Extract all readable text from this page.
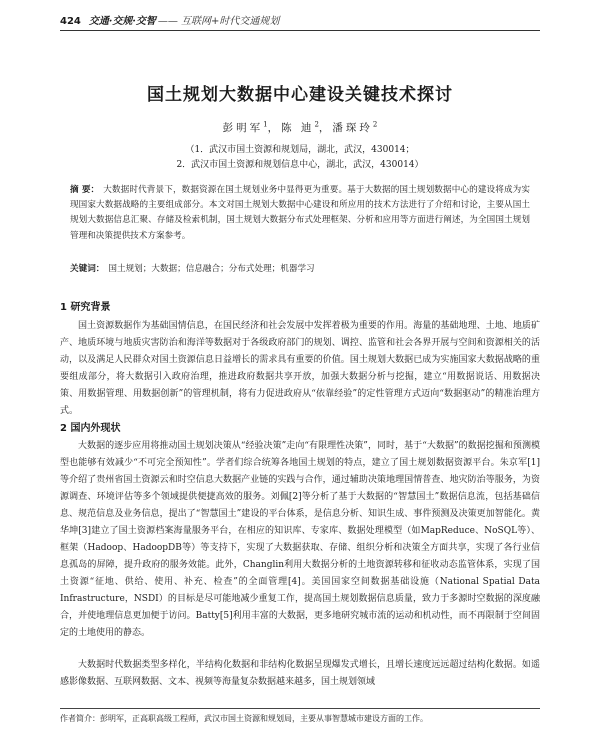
424 交通·交规·交智 —— 互联网+时代交通规划
国土规划大数据中心建设关键技术探讨
彭明军$^1$，陈 迪$^2$，潘琛玲$^2$
（1．武汉市国土资源和规划局，湖北，武汉，430014；
2．武汉市国土资源和规划信息中心，湖北，武汉，430014）
摘 要： 大数据时代背景下，数据资源在国土规划业务中显得更为重要。基于大数据的国土规划数据中心的建设将成为实现国家大数据战略的主要组成部分。本文对国土规划大数据中心建设和所应用的技术方法进行了介绍和讨论，主要从国土规划大数据信息汇聚、存储及检索机制，国土规划大数据分布式处理框架、分析和应用等方面进行阐述，为全国国土规划管理和决策提供技术方案参考。
关键词： 国土规划；大数据；信息融合；分布式处理；机器学习
1 研究背景

国土资源数据作为基础国情信息，在国民经济和社会发展中发挥着极为重要的作用。海量的基础地理、土地、地质矿产、地质环境与地质灾害防治和海洋等数据对于各级政府部门的规划、调控、监管和社会各界开展与空间和资源相关的活动，以及满足人民群众对国土资源信息日益增长的需求具有重要的价值。国土规划大数据已成为实施国家大数据战略的重要组成部分，将大数据引入政府治理，推进政府数据共享开放，加强大数据分析与挖掘，建立“用数据说话、用数据决策、用数据管理、用数据创新”的管理机制，将有力促进政府从“依靠经验”的定性管理方式迈向“数据驱动”的精准治理方式。

2 国内外现状

大数据的逐步应用将推动国土规划决策从“经验决策”走向“有限理性决策”，同时，基于“大数据”的数据挖掘和预测模型也能够有效减少“不可完全预知性”。学者们综合统筹各地国土规划的特点，建立了国土规划数据资源平台。朱京军[1]等介绍了贵州省国土资源云和时空信息大数据产业链的实践与合作，通过辅助决策地理国情普查、地灾防治等服务，为资源调查、环境评估等多个领域提供便捷高效的服务。刘佩[2]等分析了基于大数据的“智慧国土”数据信息流，包括基础信息、规范信息及业务信息，提出了“智慧国土”建设的平台体系，是信息分析、知识生成、事件预测及决策更加智能化。黄华坤[3]建立了国土资源档案海量服务平台，在相应的知识库、专家库、数据处理模型（如MapReduce、NoSQL等）、框架（Hadoop、HadoopDB等）等支持下，实现了大数据获取、存储、组织分析和决策全方面共享，实现了各行业信息孤岛的屏障，提升政府的服务效能。此外，Changlin利用大数据分析的土地资源转移和征收动态监管体系，实现了国土资源“征地、供给、使用、补充、检查”的全面管理[4]。美国国家空间数据基础设施（National Spatial Data Infrastructure，NSDI）的目标是尽可能地减少重复工作，提高国土规划数据信息质量，致力于多源时空数据的深度融合，并使地理信息更加便于访问。Batty[5]利用丰富的大数据，更多地研究城市流的运动和机动性，而不再限制于空间固定的土地使用的静态。

大数据时代数据类型多样化，半结构化数据和非结构化数据呈现爆发式增长，且增长速度远远超过结构化数据。如遥感影像数据、互联网数据、文本、视频等海量复杂数据越来越多，国土规划领域

作者简介：彭明军，正高职高级工程师，武汉市国土资源和规划局，主要从事智慧城市建设方面的工作。
